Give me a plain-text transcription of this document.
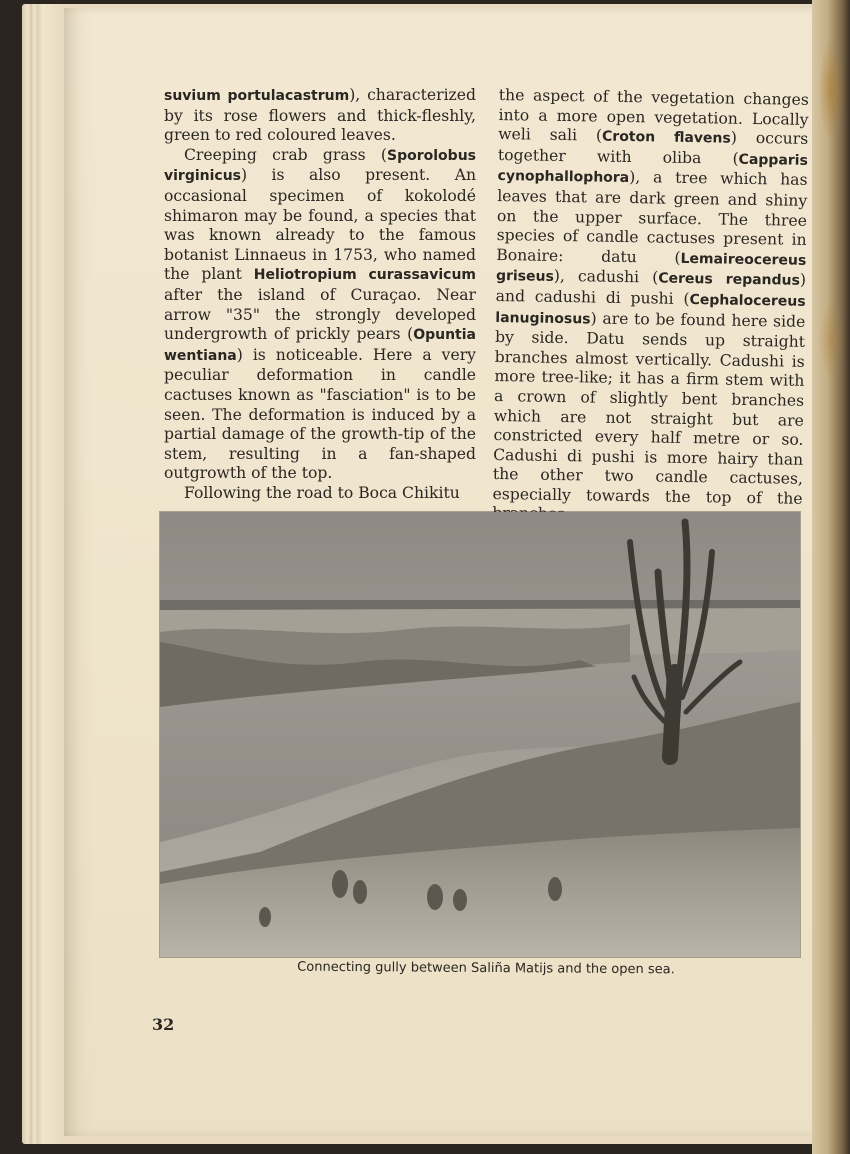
suvium portulacastrum), characterized by its rose flowers and thick-fleshly, green to red coloured leaves.

Creeping crab grass (Sporolobus virginicus) is also present. An occasional specimen of kokolodé shimaron may be found, a species that was known already to the famous botanist Linnaeus in 1753, who named the plant Heliotropium curassavicum after the island of Curaçao. Near arrow "35" the strongly developed undergrowth of prickly pears (Opuntia wentiana) is noticeable. Here a very peculiar deformation in candle cactuses known as "fasciation" is to be seen. The deformation is induced by a partial damage of the growth-tip of the stem, resulting in a fan-shaped outgrowth of the top.

Following the road to Boca Chikitu

the aspect of the vegetation changes into a more open vegetation. Locally weli sali (Croton flavens) occurs together with oliba (Capparis cynophallophora), a tree which has leaves that are dark green and shiny on the upper surface. The three species of candle cactuses present in Bonaire: datu (Lemaireocereus griseus), cadushi (Cereus repandus) and cadushi di pushi (Cephalocereus lanuginosus) are to be found here side by side. Datu sends up straight branches almost vertically. Cadushi is more tree-like; it has a firm stem with a crown of slightly bent branches which are not straight but are constricted every half metre or so. Cadushi di pushi is more hairy than the other two candle cactuses, especially towards the top of the

Connecting gully between Saliña Matijs and the open sea.
32
